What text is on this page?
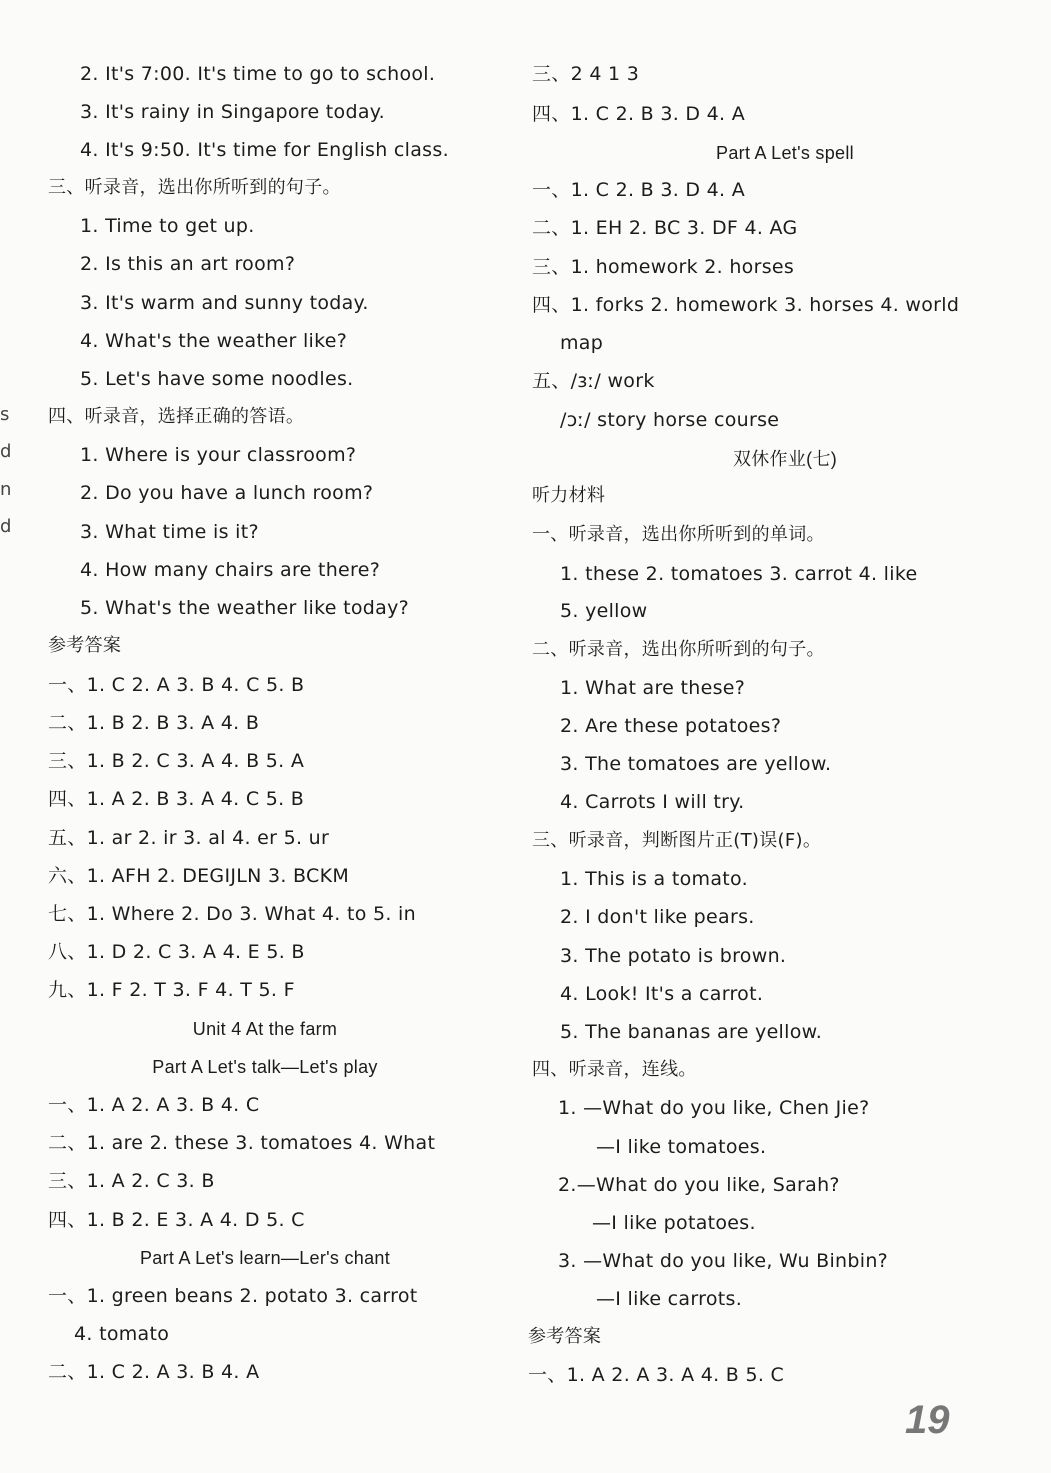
2. It's 7:00. It's time to go to school.
3. It's rainy in Singapore today.
4. It's 9:50. It's time for English class.
三、听录音，选出你所听到的句子。
1. Time to get up.
2. Is this an art room?
3. It's warm and sunny today.
4. What's the weather like?
5. Let's have some noodles.
四、听录音，选择正确的答语。
1. Where is your classroom?
2. Do you have a lunch room?
3. What time is it?
4. How many chairs are there?
5. What's the weather like today?
参考答案
一、1. C 2. A 3. B 4. C 5. B
二、1. B 2. B 3. A 4. B
三、1. B 2. C 3. A 4. B 5. A
四、1. A 2. B 3. A 4. C 5. B
五、1. ar 2. ir 3. al 4. er 5. ur
六、1. AFH 2. DEGIJLN 3. BCKM
七、1. Where 2. Do 3. What 4. to 5. in
八、1. D 2. C 3. A 4. E 5. B
九、1. F 2. T 3. F 4. T 5. F
Unit 4 At the farm
Part A Let's talk—Let's play
一、1. A 2. A 3. B 4. C
二、1. are 2. these 3. tomatoes 4. What
三、1. A 2. C 3. B
四、1. B 2. E 3. A 4. D 5. C
Part A Let's learn—Ler's chant
一、1. green beans 2. potato 3. carrot
4. tomato
二、1. C 2. A 3. B 4. A
三、2 4 1 3
四、1. C 2. B 3. D 4. A
Part A Let's spell
一、1. C 2. B 3. D 4. A
二、1. EH 2. BC 3. DF 4. AG
三、1. homework 2. horses
四、1. forks 2. homework 3. horses 4. world
map
五、/ɜː/ work
/ɔː/ story horse course
双休作业(七)
听力材料
一、听录音，选出你所听到的单词。
1. these 2. tomatoes 3. carrot 4. like
5. yellow
二、听录音，选出你所听到的句子。
1. What are these?
2. Are these potatoes?
3. The tomatoes are yellow.
4. Carrots I will try.
三、听录音，判断图片正(T)误(F)。
1. This is a tomato.
2. I don't like pears.
3. The potato is brown.
4. Look! It's a carrot.
5. The bananas are yellow.
四、听录音，连线。
1. —What do you like, Chen Jie?
—I like tomatoes.
2.—What do you like, Sarah?
—I like potatoes.
3. —What do you like, Wu Binbin?
—I like carrots.
参考答案
一、1. A 2. A 3. A 4. B 5. C
s
d
n
d
19
